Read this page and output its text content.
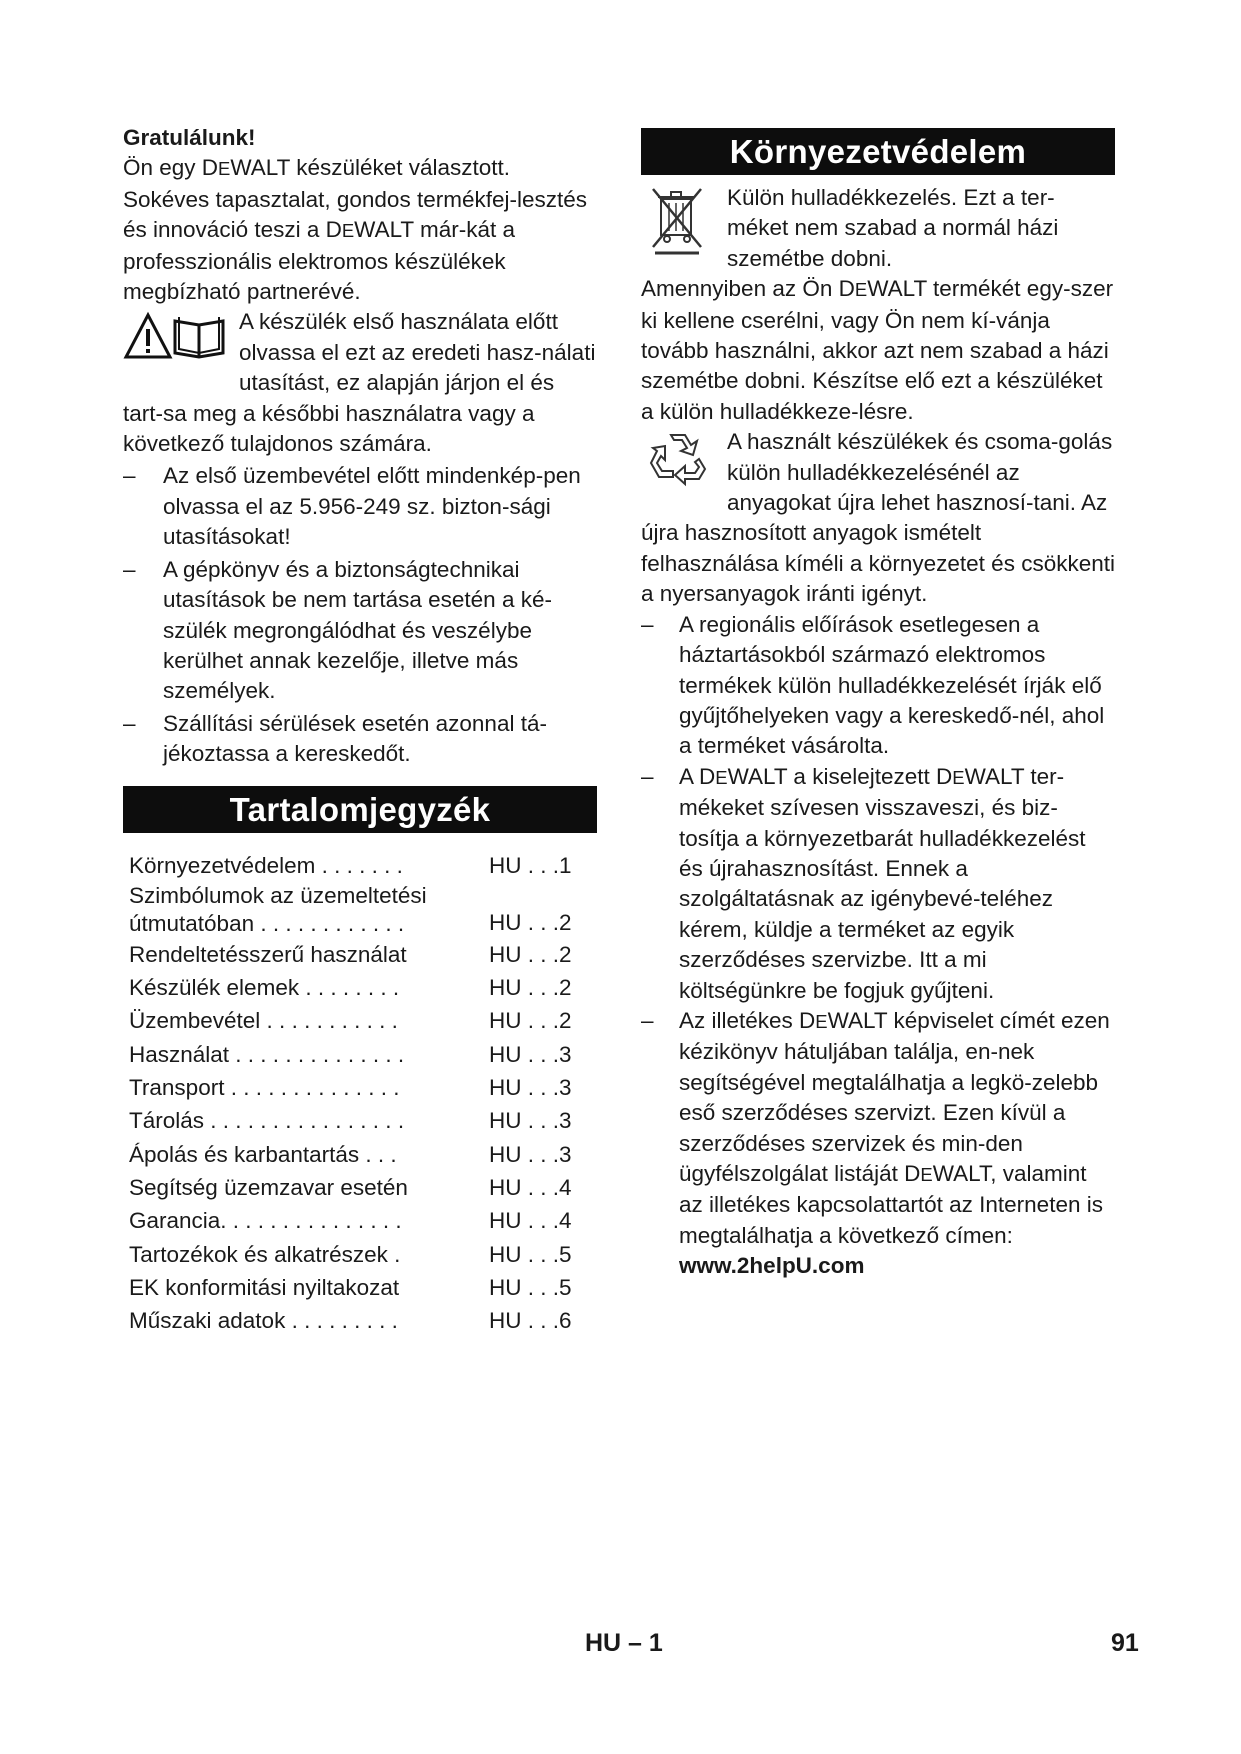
Gratulálunk!

Ön egy DEWALT készüléket választott.

Sokéves tapasztalat, gondos termékfej-lesztés és innováció teszi a DEWALT már-kát a professzionális elektromos készülékek megbízható partnerévé.

A készülék első használata előtt olvassa el ezt az eredeti hasz-nálati utasítást, ez alapján járjon el és tart-sa meg a későbbi használatra vagy a következő tulajdonos számára.

– Az első üzembevétel előtt mindenkép-pen olvassa el az 5.956-249 sz. bizton-sági utasításokat!

– A gépkönyv és a biztonságtechnikai utasítások be nem tartása esetén a ké-szülék megrongálódhat és veszélybe kerülhet annak kezelője, illetve más személyek.

– Szállítási sérülések esetén azonnal tá-jékoztassa a kereskedőt.

Tartalomjegyzék
Környezetvédelem . . . . . . .	HU . . .1
Szimbólumok az üzemeltetési útmutatóban . . . . . . . . . . . .	HU . . .2
Rendeltetésszerű használat	HU . . .2
Készülék elemek . . . . . . . .	HU . . .2
Üzembevétel . . . . . . . . . . .	HU . . .2
Használat . . . . . . . . . . . . . .	HU . . .3
Transport . . . . . . . . . . . . . .	HU . . .3
Tárolás . . . . . . . . . . . . . . . .	HU . . .3
Ápolás és karbantartás . . .	HU . . .3
Segítség üzemzavar esetén	HU . . .4
Garancia. . . . . . . . . . . . . . .	HU . . .4
Tartozékok és alkatrészek .	HU . . .5
EK konformitási nyiltakozat	HU . . .5
Műszaki adatok . . . . . . . . .	HU . . .6
Környezetvédelem

Külön hulladékkezelés. Ezt a ter-méket nem szabad a normál házi szemétbe dobni.

Amennyiben az Ön DEWALT termékét egy-szer ki kellene cserélni, vagy Ön nem kí-vánja tovább használni, akkor azt nem szabad a házi szemétbe dobni. Készítse elő ezt a készüléket a külön hulladékkeze-lésre.

A használt készülékek és csoma-golás külön hulladékkezelésénél az anyagokat újra lehet hasznosí-tani. Az újra hasznosított anyagok ismételt felhasználása kíméli a környezetet és csökkenti a nyersanyagok iránti igényt.

– A regionális előírások esetlegesen a háztartásokból származó elektromos termékek külön hulladékkezelését írják elő gyűjtőhelyeken vagy a kereskedő-nél, ahol a terméket vásárolta.

– A DEWALT a kiselejtezett DEWALT ter-mékeket szívesen visszaveszi, és biz-tosítja a környezetbarát hulladékkezelést és újrahasznosítást. Ennek a szolgáltatásnak az igénybevé-teléhez kérem, küldje a terméket az egyik szerződéses szervizbe. Itt a mi költségünkre be fogjuk gyűjteni.

– Az illetékes DEWALT képviselet címét ezen kézikönyv hátuljában találja, en-nek segítségével megtalálhatja a legkö-zelebb eső szerződéses szervizt. Ezen kívül a szerződéses szervizek és min-den ügyfélszolgálat listáját DEWALT, valamint az illetékes kapcsolattartót az Interneten is megtalálhatja a következő címen: www.2helpU.com

HU – 1	91
